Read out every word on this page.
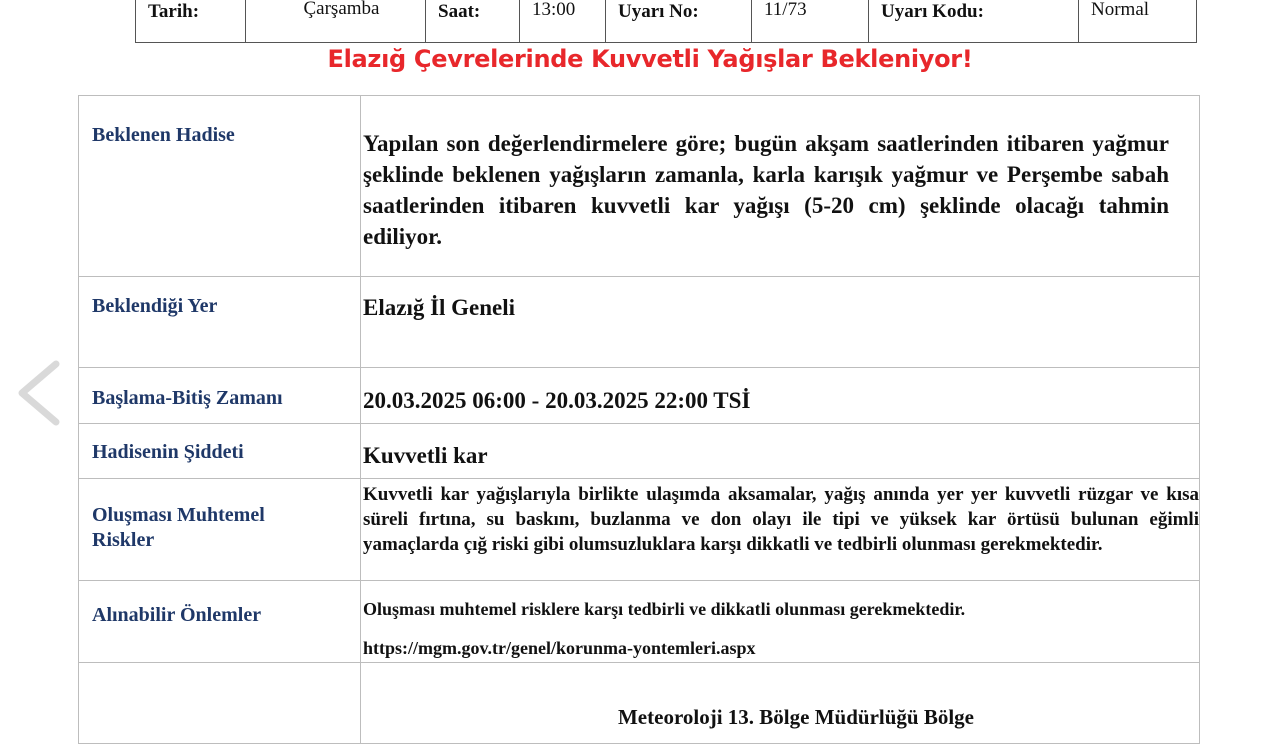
Tarih:	Çarşamba	Saat:	13:00	Uyarı No:	11/73	Uyarı Kodu:	Normal
Elazığ Çevrelerinde Kuvvetli Yağışlar Bekleniyor!
Beklenen Hadise	Yapılan son değerlendirmelere göre; bugün akşam saatlerinden itibaren yağmur şeklinde beklenen yağışların zamanla, karla karışık yağmur ve Perşembe sabah saatlerinden itibaren kuvvetli kar yağışı (5-20 cm) şeklinde olacağı tahmin ediliyor.

Beklendiği Yer	Elazığ İl Geneli

Başlama-Bitiş Zamanı	20.03.2025 06:00 - 20.03.2025 22:00 TSİ

Hadisenin Şiddeti	Kuvvetli kar

Oluşması Muhtemel Riskler	Kuvvetli kar yağışlarıyla birlikte ulaşımda aksamalar, yağış anında yer yer kuvvetli rüzgar ve kısa süreli fırtına, su baskını, buzlanma ve don olayı ile tipi ve yüksek kar örtüsü bulunan eğimli yamaçlarda çığ riski gibi olumsuzluklara karşı dikkatli ve tedbirli olunması gerekmektedir.

Alınabilir Önlemler	Oluşması muhtemel risklere karşı tedbirli ve dikkatli olunması gerekmektedir.
https://mgm.gov.tr/genel/korunma-yontemleri.aspx

	Meteoroloji 13. Bölge Müdürlüğü Bölge
